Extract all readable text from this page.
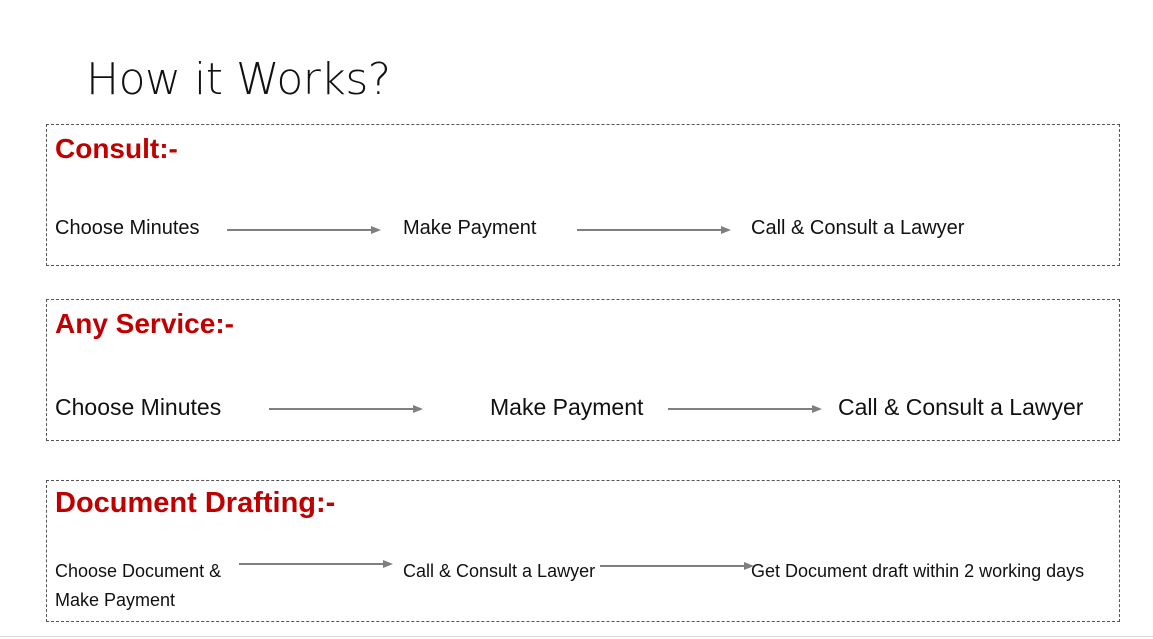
How it Works?
Consult:-
Choose Minutes	Make Payment	Call & Consult a Lawyer
Any Service:-
Choose Minutes	Make Payment	Call & Consult a Lawyer
Document Drafting:-
Choose Document &
Make Payment
Call & Consult a Lawyer	Get Document draft within 2 working days
